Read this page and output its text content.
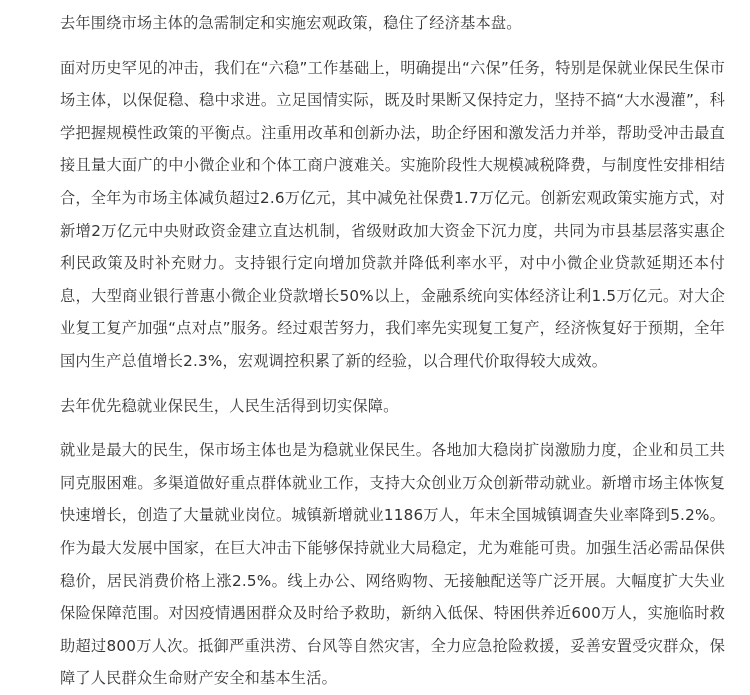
去年围绕市场主体的急需制定和实施宏观政策，稳住了经济基本盘。

面对历史罕见的冲击，我们在“六稳”工作基础上，明确提出“六保”任务，特别是保就业保民生保市场主体，以保促稳、稳中求进。立足国情实际，既及时果断又保持定力，坚持不搞“大水漫灌”，科学把握规模性政策的平衡点。注重用改革和创新办法，助企纾困和激发活力并举，帮助受冲击最直接且量大面广的中小微企业和个体工商户渡难关。实施阶段性大规模减税降费，与制度性安排相结合，全年为市场主体减负超过2.6万亿元，其中减免社保费1.7万亿元。创新宏观政策实施方式，对新增2万亿元中央财政资金建立直达机制，省级财政加大资金下沉力度，共同为市县基层落实惠企利民政策及时补充财力。支持银行定向增加贷款并降低利率水平，对中小微企业贷款延期还本付息，大型商业银行普惠小微企业贷款增长50%以上，金融系统向实体经济让利1.5万亿元。对大企业复工复产加强“点对点”服务。经过艰苦努力，我们率先实现复工复产，经济恢复好于预期，全年国内生产总值增长2.3%，宏观调控积累了新的经验，以合理代价取得较大成效。

去年优先稳就业保民生，人民生活得到切实保障。

就业是最大的民生，保市场主体也是为稳就业保民生。各地加大稳岗扩岗激励力度，企业和员工共同克服困难。多渠道做好重点群体就业工作，支持大众创业万众创新带动就业。新增市场主体恢复快速增长，创造了大量就业岗位。城镇新增就业1186万人，年末全国城镇调查失业率降到5.2%。作为最大发展中国家，在巨大冲击下能够保持就业大局稳定，尤为难能可贵。加强生活必需品保供稳价，居民消费价格上涨2.5%。线上办公、网络购物、无接触配送等广泛开展。大幅度扩大失业保险保障范围。对因疫情遇困群众及时给予救助，新纳入低保、特困供养近600万人，实施临时救助超过800万人次。抵御严重洪涝、台风等自然灾害，全力应急抢险救援，妥善安置受灾群众，保障了人民群众生命财产安全和基本生活。
